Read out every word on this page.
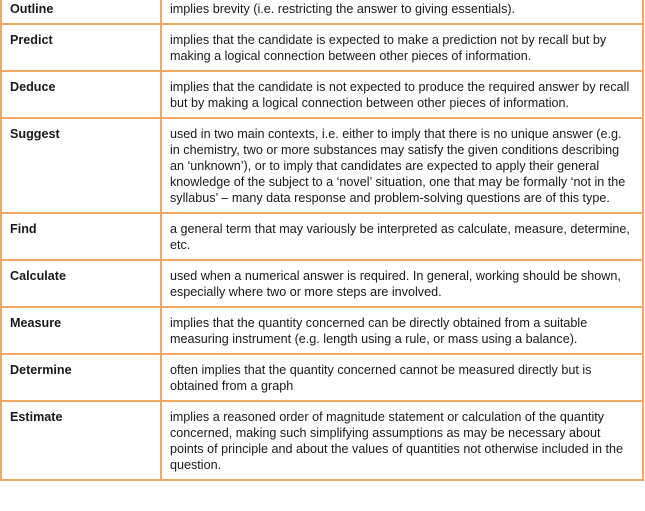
Outline	implies brevity (i.e. restricting the answer to giving essentials).
Predict	implies that the candidate is expected to make a prediction not by recall but by making a logical connection between other pieces of information.
Deduce	implies that the candidate is not expected to produce the required answer by recall but by making a logical connection between other pieces of information.
Suggest	used in two main contexts, i.e. either to imply that there is no unique answer (e.g. in chemistry, two or more substances may satisfy the given conditions describing an ‘unknown’), or to imply that candidates are expected to apply their general knowledge of the subject to a ‘novel’ situation, one that may be formally ‘not in the syllabus’ – many data response and problem-solving questions are of this type.
Find	a general term that may variously be interpreted as calculate, measure, determine, etc.
Calculate	used when a numerical answer is required. In general, working should be shown, especially where two or more steps are involved.
Measure	implies that the quantity concerned can be directly obtained from a suitable measuring instrument (e.g. length using a rule, or mass using a balance).
Determine	often implies that the quantity concerned cannot be measured directly but is obtained from a graph
Estimate	implies a reasoned order of magnitude statement or calculation of the quantity concerned, making such simplifying assumptions as may be necessary about points of principle and about the values of quantities not otherwise included in the question.
